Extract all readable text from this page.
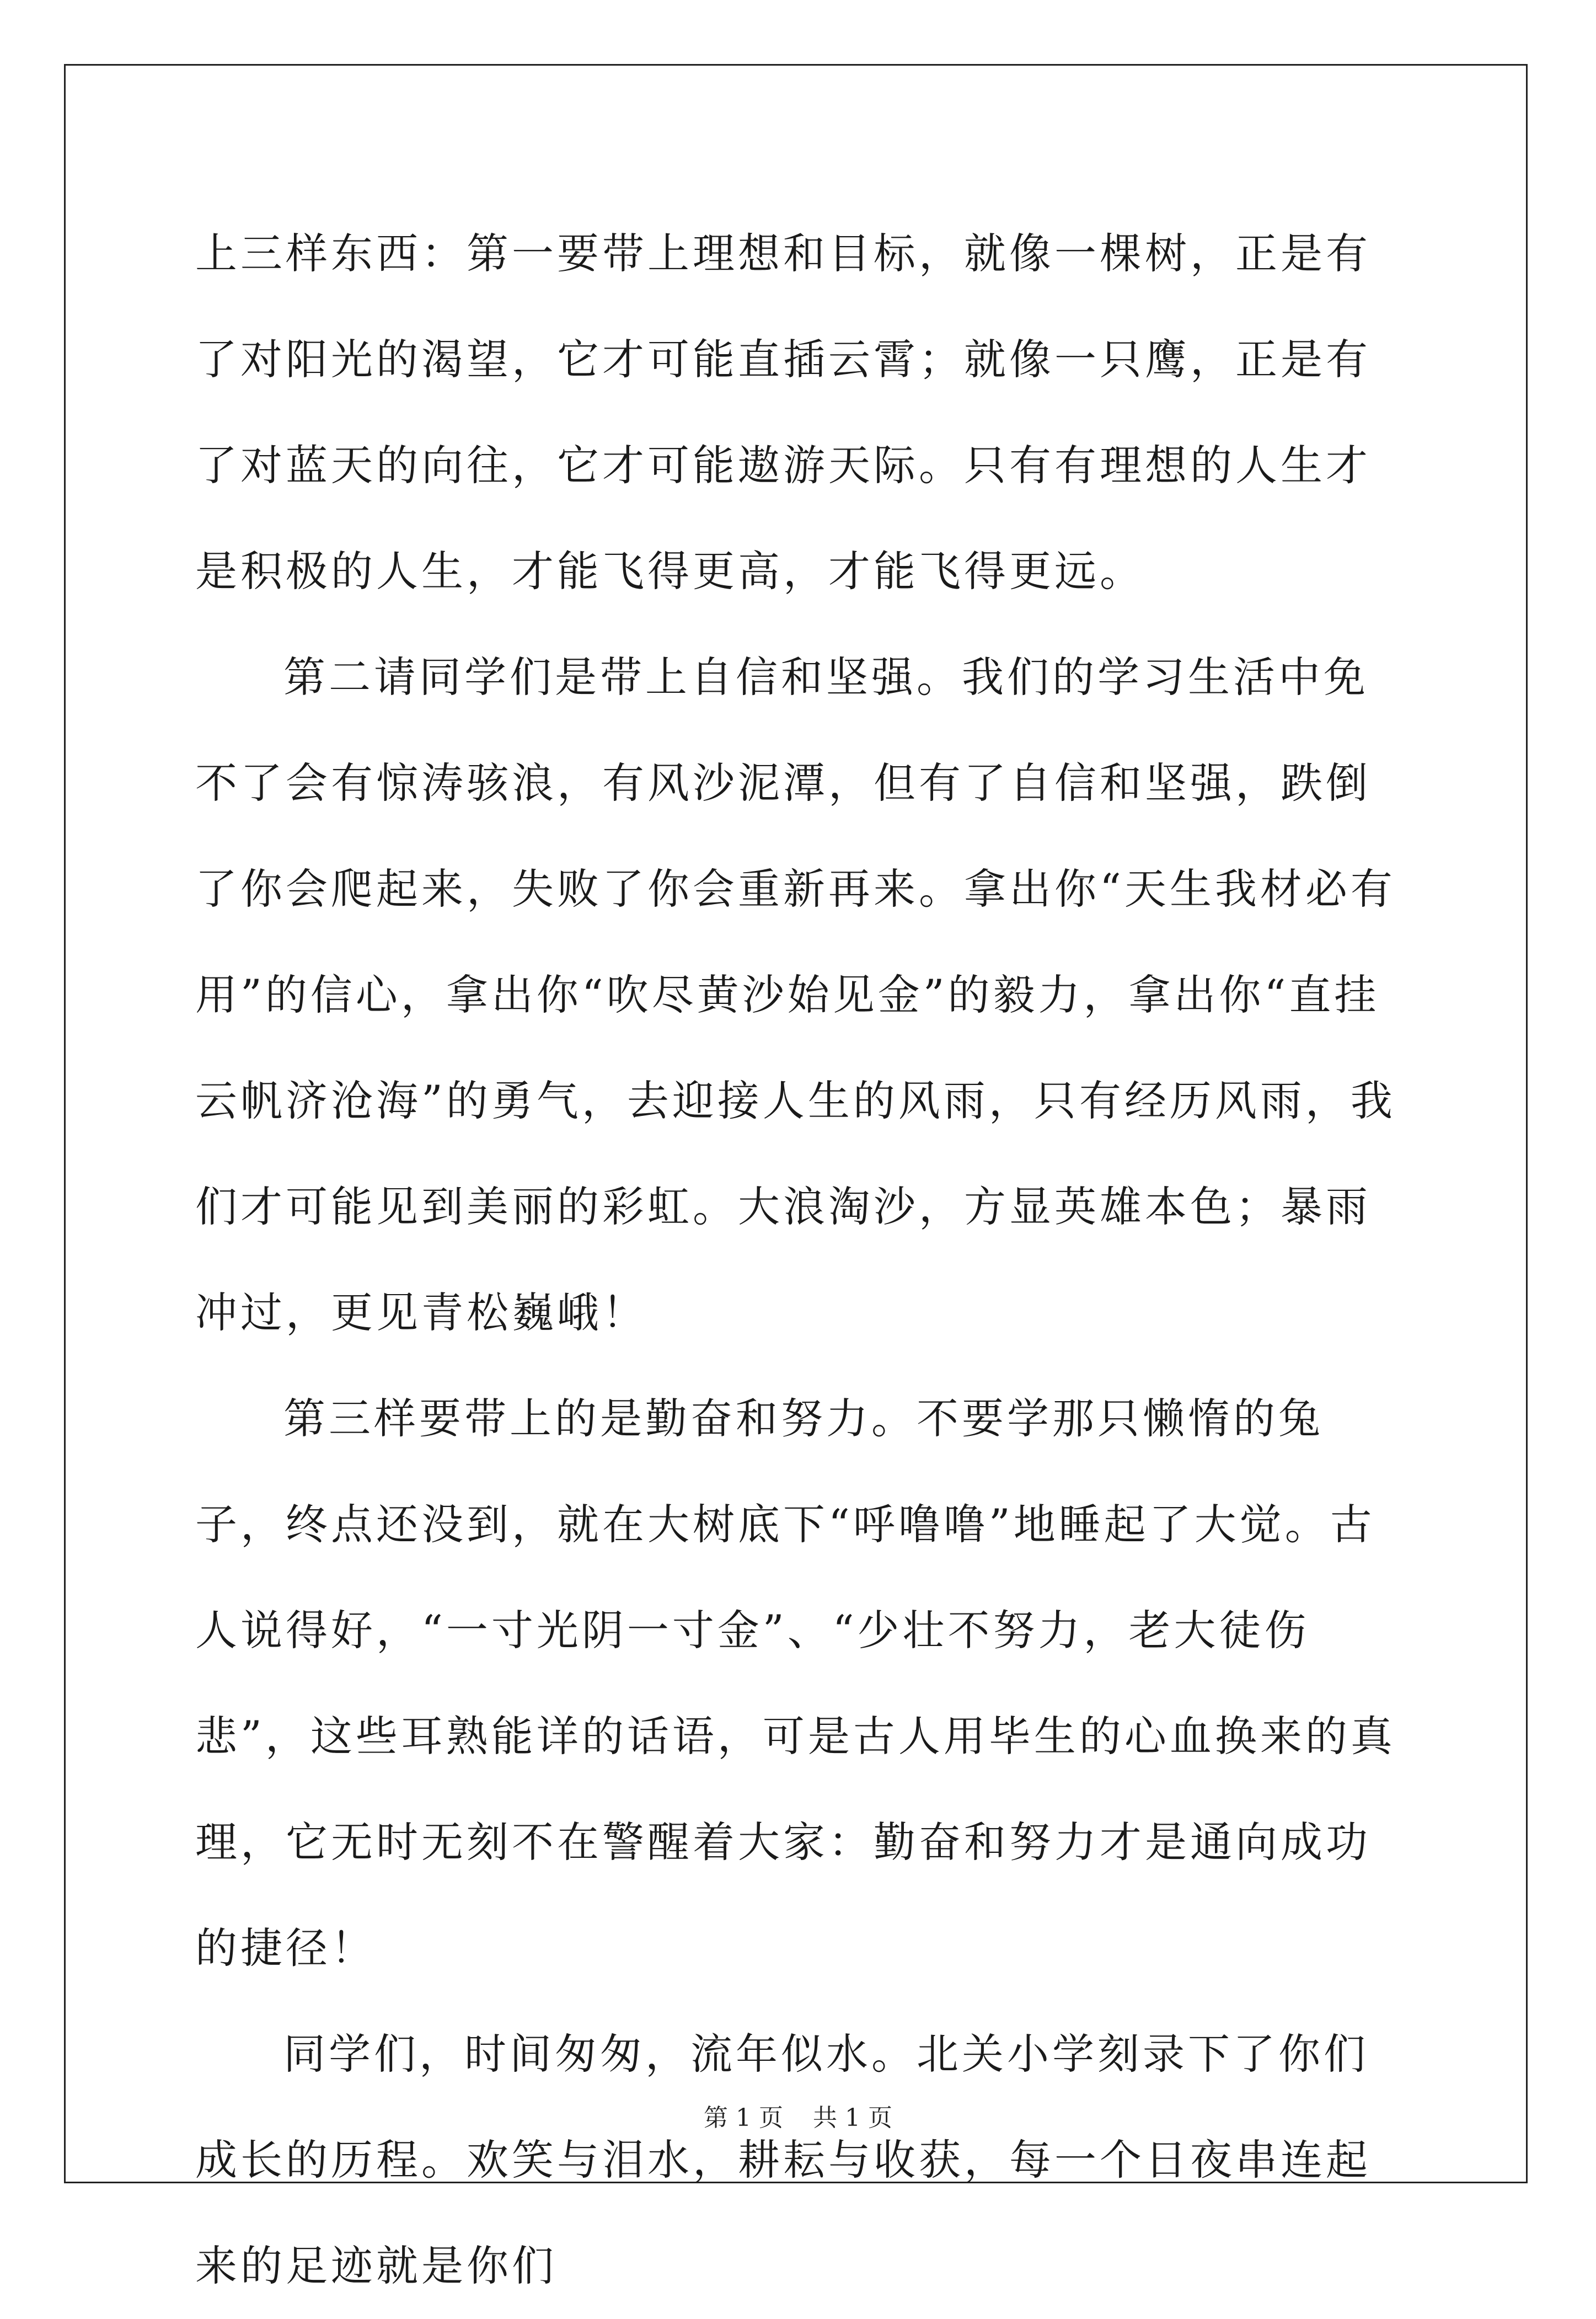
上三样东西：第一要带上理想和目标，就像一棵树，正是有了对阳光的渴望，它才可能直插云霄；就像一只鹰，正是有了对蓝天的向往，它才可能遨游天际。只有有理想的人生才是积极的人生，才能飞得更高，才能飞得更远。

第二请同学们是带上自信和坚强。我们的学习生活中免不了会有惊涛骇浪，有风沙泥潭，但有了自信和坚强，跌倒了你会爬起来，失败了你会重新再来。拿出你“天生我材必有用”的信心，拿出你“吹尽黄沙始见金”的毅力，拿出你“直挂云帆济沧海”的勇气，去迎接人生的风雨，只有经历风雨，我们才可能见到美丽的彩虹。大浪淘沙，方显英雄本色；暴雨冲过，更见青松巍峨！

第三样要带上的是勤奋和努力。不要学那只懒惰的兔子，终点还没到，就在大树底下“呼噜噜”地睡起了大觉。古人说得好，“一寸光阴一寸金”、“少壮不努力，老大徒伤悲”，这些耳熟能详的话语，可是古人用毕生的心血换来的真理，它无时无刻不在警醒着大家：勤奋和努力才是通向成功的捷径！

同学们，时间匆匆，流年似水。北关小学刻录下了你们成长的历程。欢笑与泪水，耕耘与收获，每一个日夜串连起来的足迹就是你们

第 1 页 共 1 页
